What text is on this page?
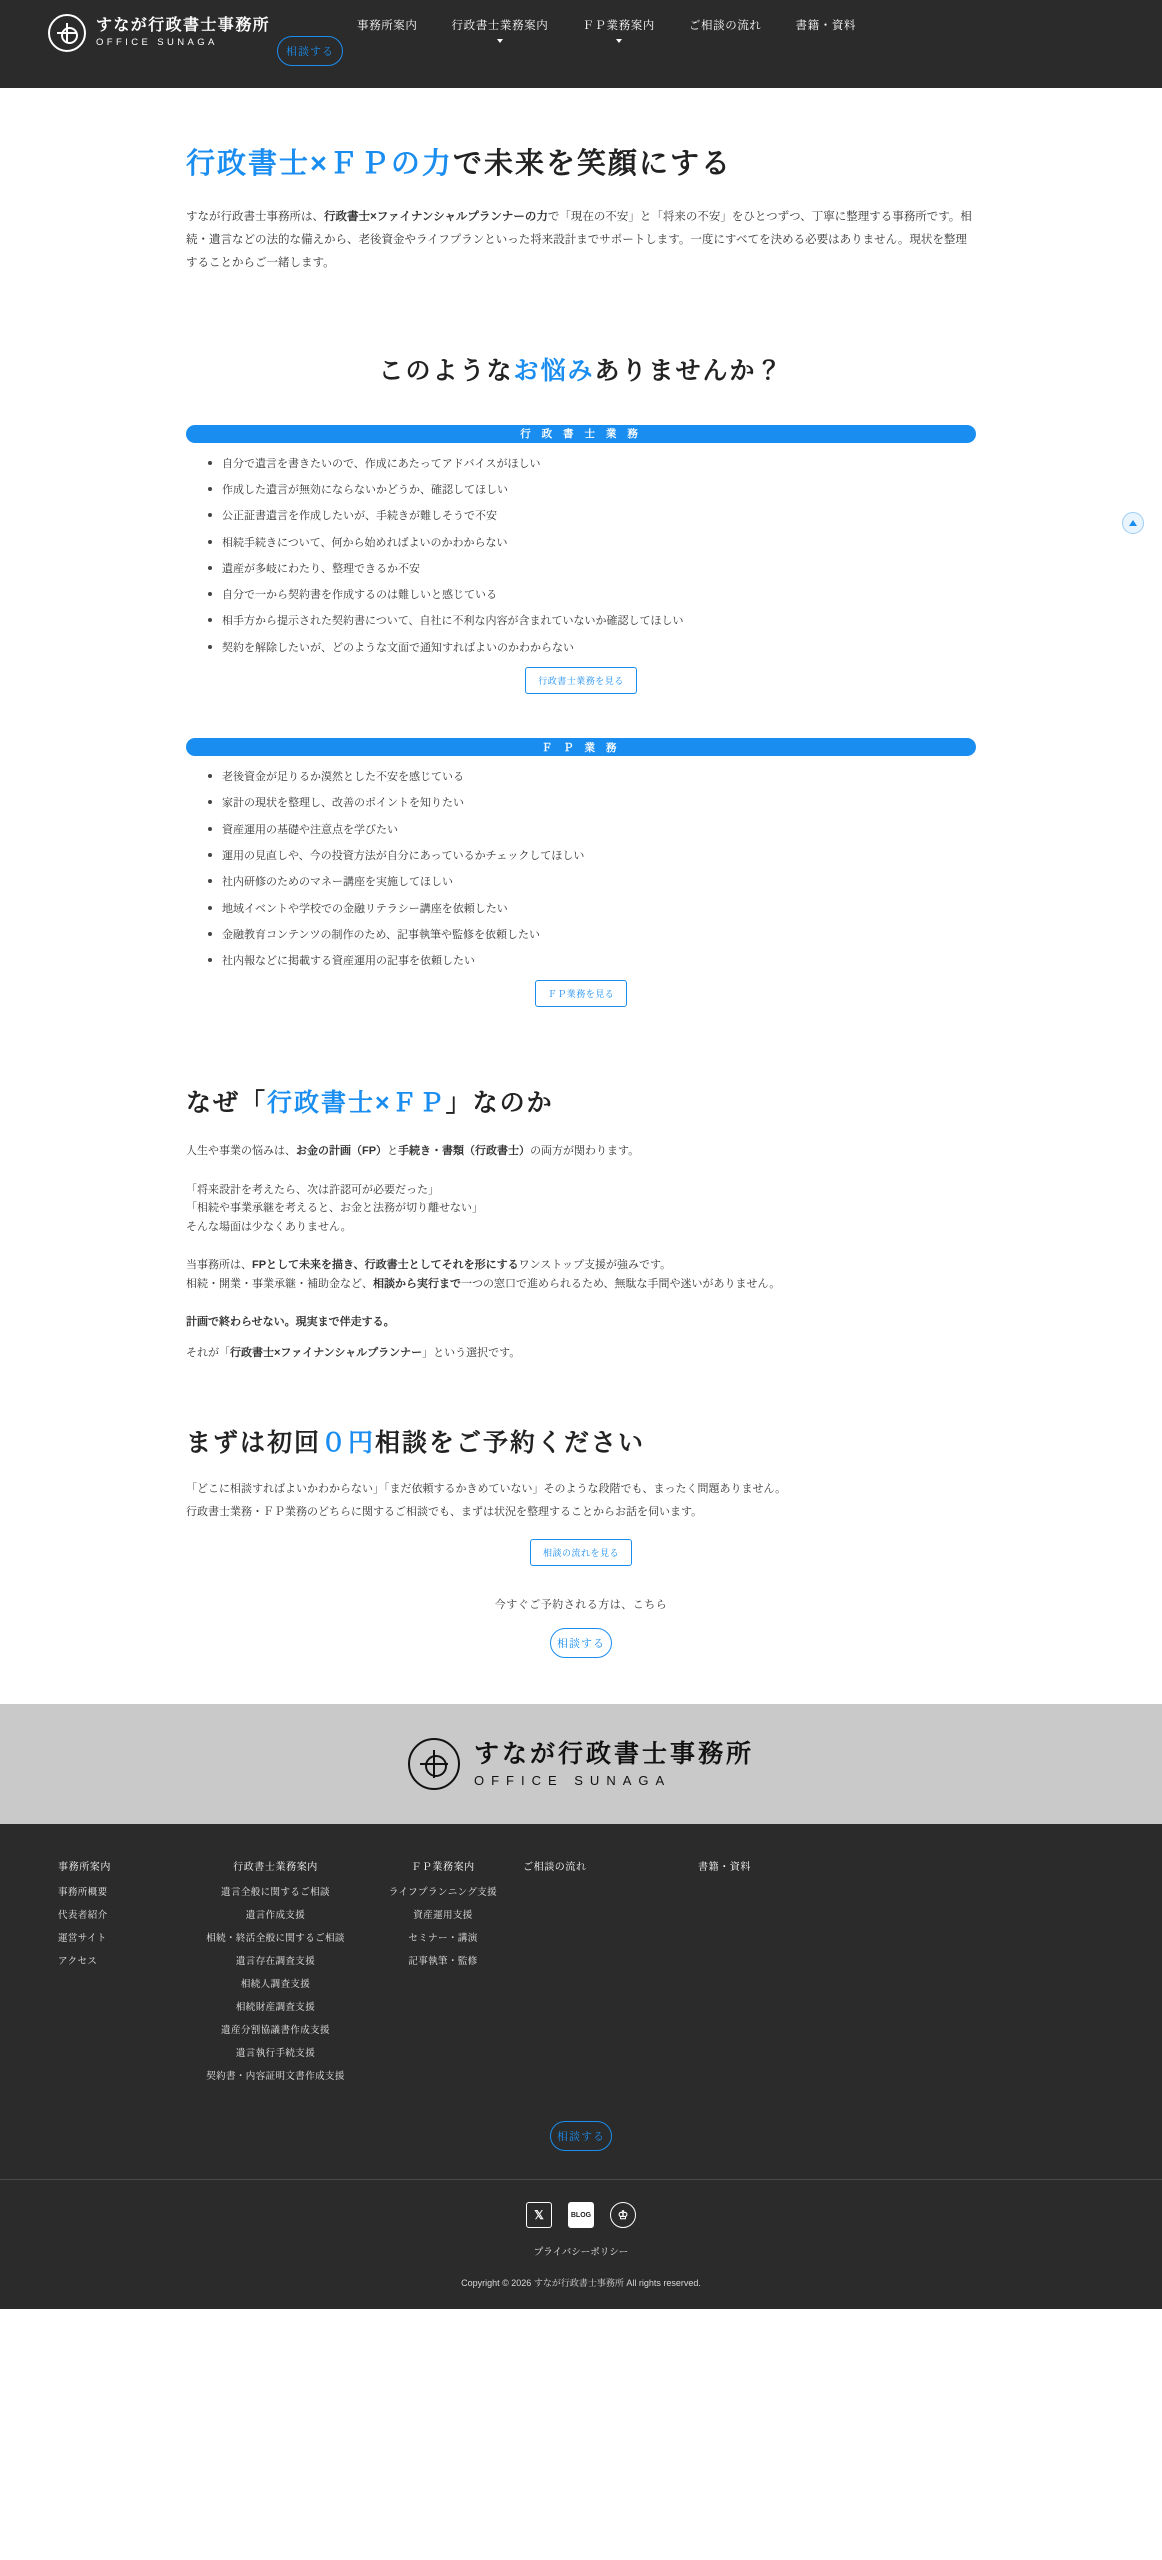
すなが行政書士事務所
OFFICE SUNAGA
事務所案内	行政書士業務案内	ＦＰ業務案内	ご相談の流れ	書籍・資料
相談する
行政書士×ＦＰの力で未来を笑顔にする

すなが行政書士事務所は、行政書士×ファイナンシャルプランナーの力で「現在の不安」と「将来の不安」をひとつずつ、丁寧に整理する事務所です。相続・遺言などの法的な備えから、老後資金やライフプランといった将来設計までサポートします。一度にすべてを決める必要はありません。現状を整理することからご一緒します。

このようなお悩みありませんか？
行 政 書 士 業 務
自分で遺言を書きたいので、作成にあたってアドバイスがほしい
作成した遺言が無効にならないかどうか、確認してほしい
公正証書遺言を作成したいが、手続きが難しそうで不安
相続手続きについて、何から始めればよいのかわからない
遺産が多岐にわたり、整理できるか不安
自分で一から契約書を作成するのは難しいと感じている
相手方から提示された契約書について、自社に不利な内容が含まれていないか確認してほしい
契約を解除したいが、どのような文面で通知すればよいのかわからない
行政書士業務を見る
Ｆ Ｐ 業 務
老後資金が足りるか漠然とした不安を感じている
家計の現状を整理し、改善のポイントを知りたい
資産運用の基礎や注意点を学びたい
運用の見直しや、今の投資方法が自分にあっているかチェックしてほしい
社内研修のためのマネー講座を実施してほしい
地域イベントや学校での金融リテラシー講座を依頼したい
金融教育コンテンツの制作のため、記事執筆や監修を依頼したい
社内報などに掲載する資産運用の記事を依頼したい
ＦＰ業務を見る
なぜ「行政書士×ＦＰ」なのか

人生や事業の悩みは、お金の計画（FP）と手続き・書類（行政書士）の両方が関わります。

「将来設計を考えたら、次は許認可が必要だった」

「相続や事業承継を考えると、お金と法務が切り離せない」

そんな場面は少なくありません。

当事務所は、FPとして未来を描き、行政書士としてそれを形にするワンストップ支援が強みです。

相続・開業・事業承継・補助金など、相談から実行まで一つの窓口で進められるため、無駄な手間や迷いがありません。

計画で終わらせない。現実まで伴走する。

それが「行政書士×ファイナンシャルプランナー」という選択です。

まずは初回０円相談をご予約ください

「どこに相談すればよいかわからない」「まだ依頼するかきめていない」そのような段階でも、まったく問題ありません。

行政書士業務・ＦＰ業務のどちらに関するご相談でも、まずは状況を整理することからお話を伺います。

相談の流れを見る
今すぐご予約される方は、こちら
相談する
すなが行政書士事務所
OFFICE SUNAGA
事務所案内
事務所概要
代表者紹介
運営サイト
アクセス
行政書士業務案内
遺言全般に関するご相談
遺言作成支援
相続・終活全般に関するご相談
遺言存在調査支援
相続人調査支援
相続財産調査支援
遺産分割協議書作成支援
遺言執行手続支援
契約書・内容証明文書作成支援
ＦＰ業務案内
ライフプランニング支援
資産運用支援
セミナー・講演
記事執筆・監修
ご相談の流れ	書籍・資料
相談する
𝕏	BLOG	♔
プライバシーポリシー
Copyright © 2026 すなが行政書士事務所 All rights reserved.
